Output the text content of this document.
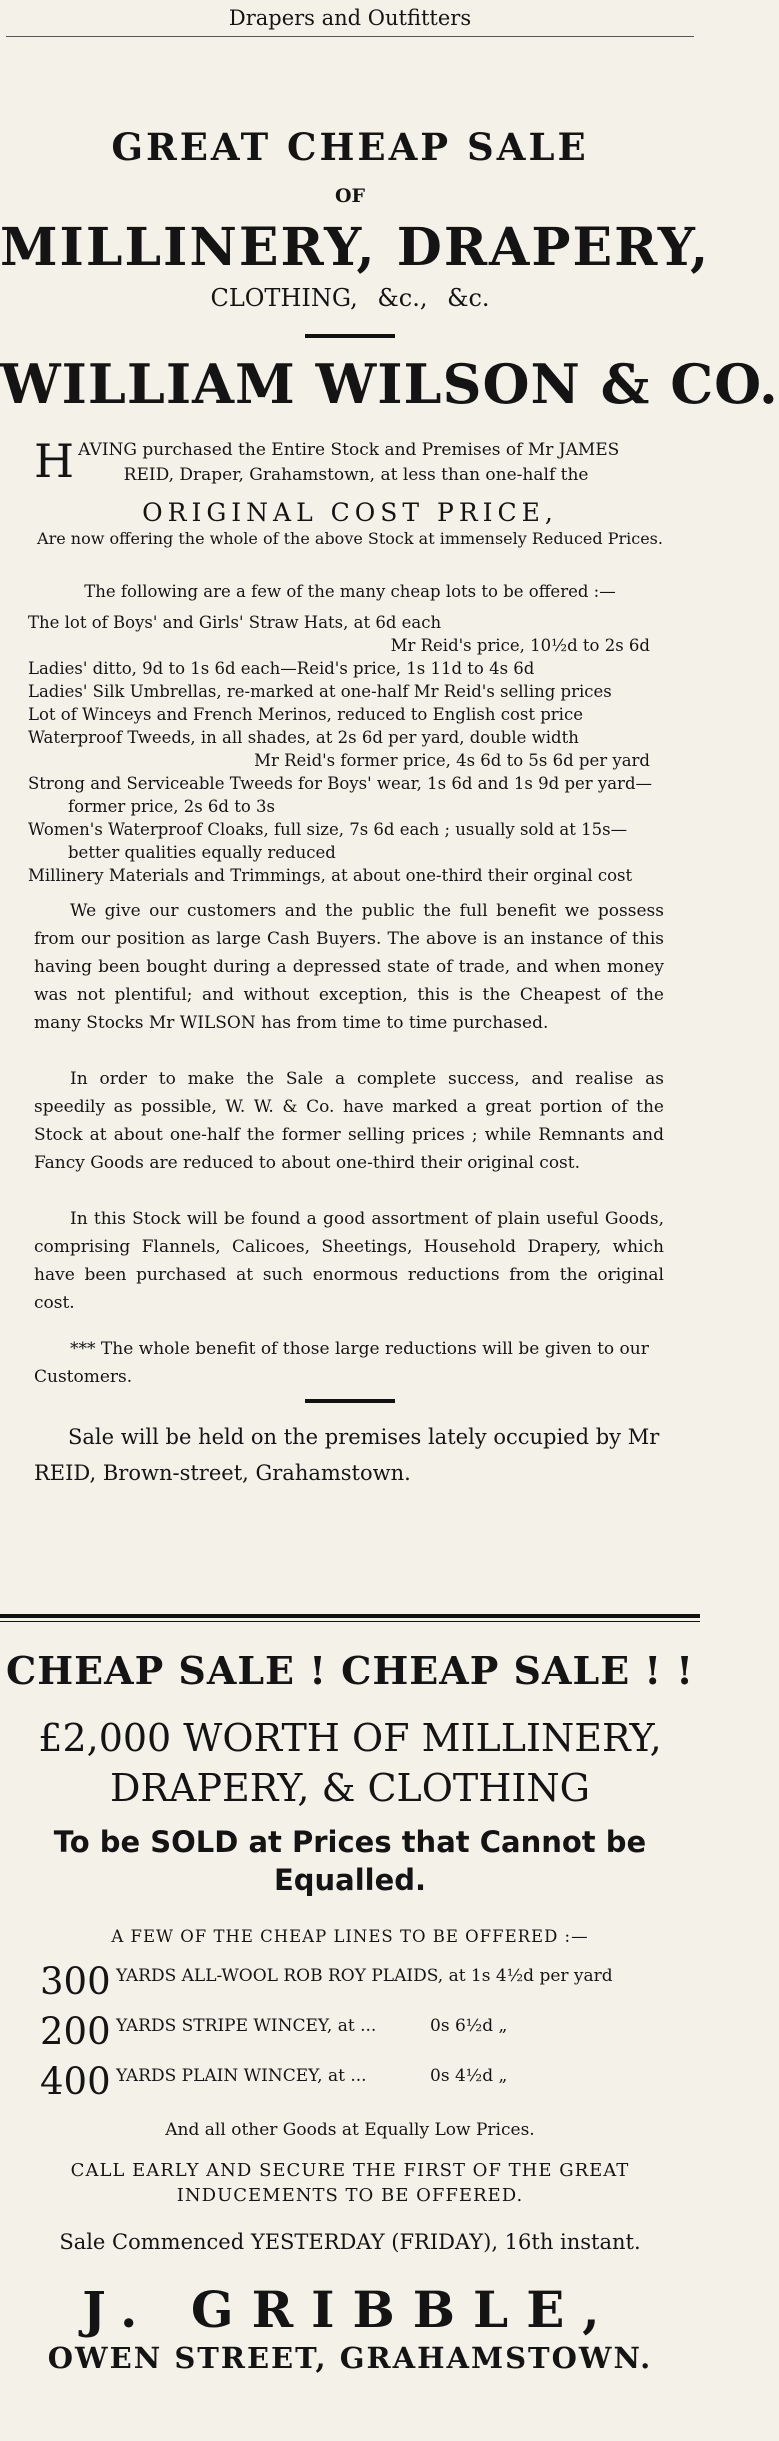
Drapers and Outfitters
GREAT CHEAP SALE
OF
MILLINERY, DRAPERY,
CLOTHING, &c., &c.
WILLIAM WILSON & CO.
H AVING purchased the Entire Stock and Premises of Mr JAMES
REID, Draper, Grahamstown, at less than one-half the
ORIGINAL COST PRICE,
Are now offering the whole of the above Stock at immensely Reduced Prices.
The following are a few of the many cheap lots to be offered :—
The lot of Boys' and Girls' Straw Hats, at 6d each
Mr Reid's price, 10½d to 2s 6d
Ladies' ditto, 9d to 1s 6d each—Reid's price, 1s 11d to 4s 6d
Ladies' Silk Umbrellas, re-marked at one-half Mr Reid's selling prices
Lot of Winceys and French Merinos, reduced to English cost price
Waterproof Tweeds, in all shades, at 2s 6d per yard, double width
Mr Reid's former price, 4s 6d to 5s 6d per yard
Strong and Serviceable Tweeds for Boys' wear, 1s 6d and 1s 9d per yard—
former price, 2s 6d to 3s
Women's Waterproof Cloaks, full size, 7s 6d each ; usually sold at 15s—
better qualities equally reduced
Millinery Materials and Trimmings, at about one-third their orginal cost
We give our customers and the public the full benefit we possess from our position as large Cash Buyers. The above is an instance of this having been bought during a depressed state of trade, and when money was not plentiful; and without exception, this is the Cheapest of the many Stocks Mr WILSON has from time to time purchased.
In order to make the Sale a complete success, and realise as speedily as possible, W. W. & Co. have marked a great portion of the Stock at about one-half the former selling prices ; while Remnants and Fancy Goods are reduced to about one-third their original cost.
In this Stock will be found a good assortment of plain useful Goods, comprising Flannels, Calicoes, Sheetings, Household Drapery, which have been purchased at such enormous reductions from the original cost.
*** The whole benefit of those large reductions will be given to our Customers.
Sale will be held on the premises lately occupied by Mr REID, Brown-street, Grahamstown.
CHEAP SALE ! CHEAP SALE ! !
£2,000 WORTH OF MILLINERY,
DRAPERY, & CLOTHING
To be SOLD at Prices that Cannot be
Equalled.
A FEW OF THE CHEAP LINES TO BE OFFERED :—
300 YARDS ALL-WOOL ROB ROY PLAIDS, at 1s 4½d per yard
200 YARDS STRIPE WINCEY, at ...	0s 6½d „
400 YARDS PLAIN WINCEY, at ...	0s 4½d „
And all other Goods at Equally Low Prices.
CALL EARLY AND SECURE THE FIRST OF THE GREAT
INDUCEMENTS TO BE OFFERED.
Sale Commenced YESTERDAY (FRIDAY), 16th instant.
J. GRIBBLE,
OWEN STREET, GRAHAMSTOWN.
